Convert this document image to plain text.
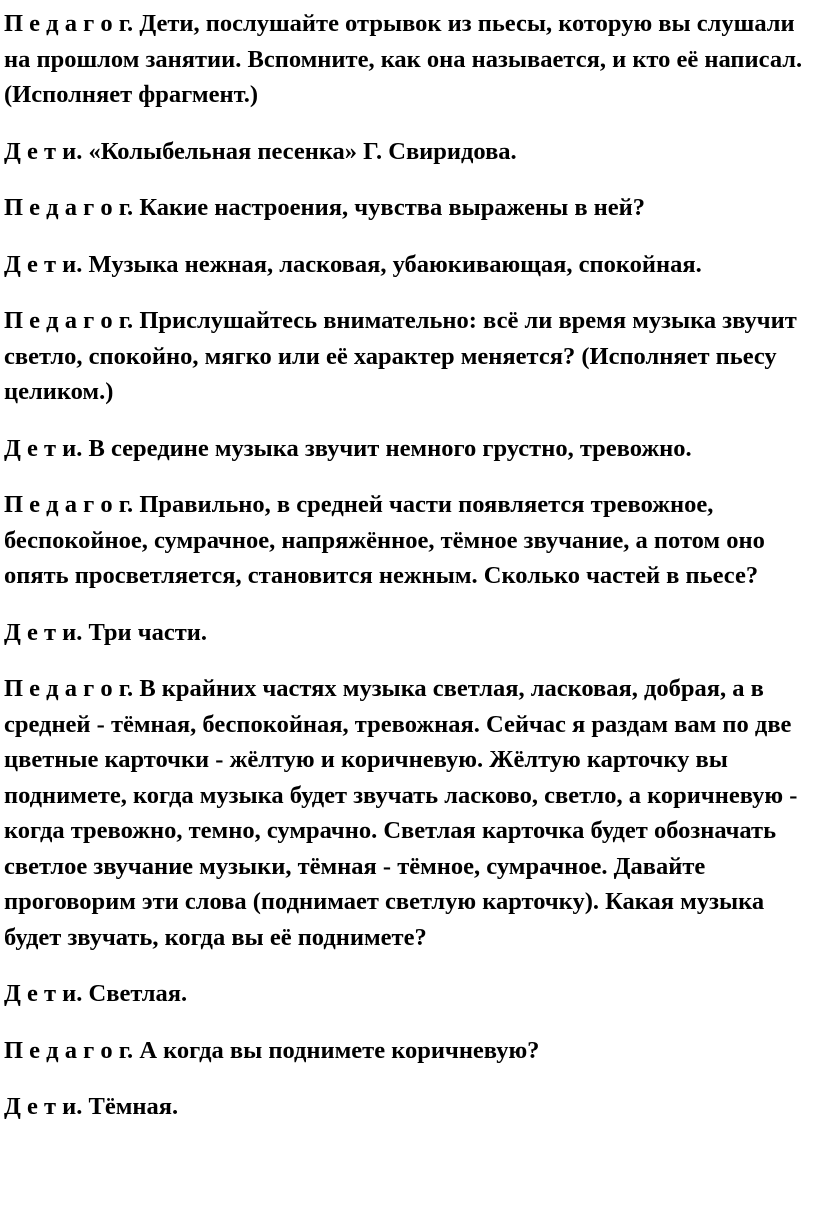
П е д а г о г. Дети, послушайте отрывок из пьесы, которую вы слушали на прошлом занятии. Вспомните, как она называется, и кто её написал. (Исполняет фрагмент.)

Д е т и. «Колыбельная песенка» Г. Свиридова.

П е д а г о г. Какие настроения, чувства выражены в ней?

Д е т и. Музыка нежная, ласковая, убаюкивающая, спокойная.

П е д а г о г. Прислушайтесь внимательно: всё ли время музыка звучит светло, спокойно, мягко или её характер меняется? (Исполняет пьесу целиком.)

Д е т и. В середине музыка звучит немного грустно, тревожно.

П е д а г о г. Правильно, в средней части появляется тревожное, беспокойное, сумрачное, напряжённое, тёмное звучание, а потом оно опять просветляется, становится нежным. Сколько частей в пьесе?

Д е т и. Три части.

П е д а г о г. В крайних частях музыка светлая, ласковая, добрая, а в средней - тёмная, беспокойная, тревожная. Сейчас я раздам вам по две цветные карточки - жёлтую и коричневую. Жёлтую карточку вы поднимете, когда музыка будет звучать ласково, светло, а коричневую - когда тревожно, темно, сумрачно. Светлая карточка будет обозначать светлое звучание музыки, тёмная - тёмное, сумрачное. Давайте проговорим эти слова (поднимает светлую карточку). Какая музыка будет звучать, когда вы её поднимете?

Д е т и. Светлая.

П е д а г о г. А когда вы поднимете коричневую?

Д е т и. Тёмная.
